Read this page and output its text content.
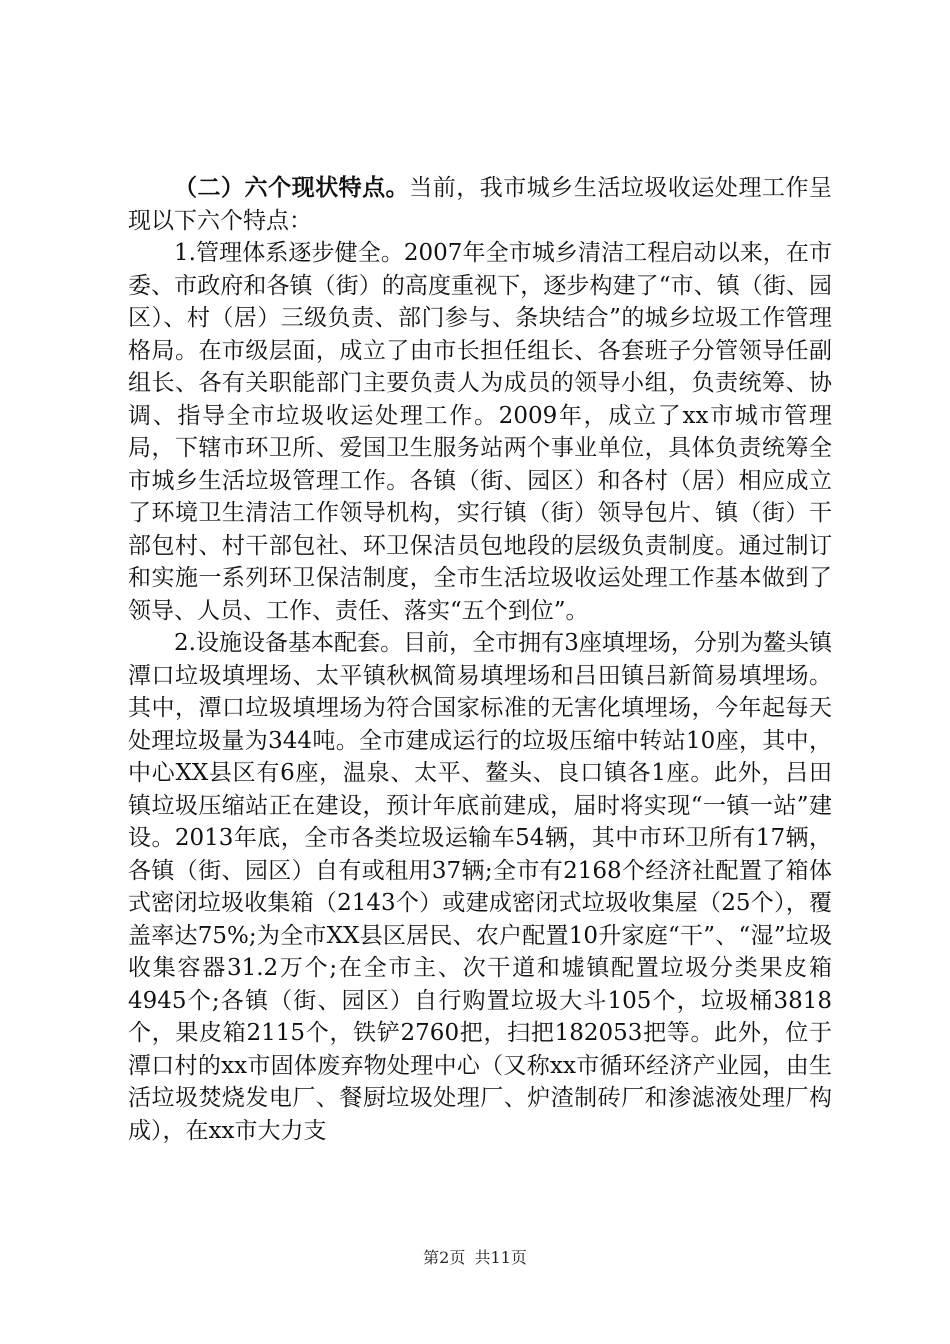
（二）六个现状特点。当前，我市城乡生活垃圾收运处理工作呈现以下六个特点：

1.管理体系逐步健全。2007年全市城乡清洁工程启动以来，在市委、市政府和各镇（街）的高度重视下，逐步构建了“市、镇（街、园区）、村（居）三级负责、部门参与、条块结合”的城乡垃圾工作管理格局。在市级层面，成立了由市长担任组长、各套班子分管领导任副组长、各有关职能部门主要负责人为成员的领导小组，负责统筹、协调、指导全市垃圾收运处理工作。2009年，成立了xx市城市管理局，下辖市环卫所、爱国卫生服务站两个事业单位，具体负责统筹全市城乡生活垃圾管理工作。各镇（街、园区）和各村（居）相应成立了环境卫生清洁工作领导机构，实行镇（街）领导包片、镇（街）干部包村、村干部包社、环卫保洁员包地段的层级负责制度。通过制订和实施一系列环卫保洁制度，全市生活垃圾收运处理工作基本做到了领导、人员、工作、责任、落实“五个到位”。

2.设施设备基本配套。目前，全市拥有3座填埋场，分别为鳌头镇潭口垃圾填埋场、太平镇秋枫简易填埋场和吕田镇吕新简易填埋场。其中，潭口垃圾填埋场为符合国家标准的无害化填埋场，今年起每天处理垃圾量为344吨。全市建成运行的垃圾压缩中转站10座，其中，中心XX县区有6座，温泉、太平、鳌头、良口镇各1座。此外，吕田镇垃圾压缩站正在建设，预计年底前建成，届时将实现“一镇一站”建设。2013年底，全市各类垃圾运输车54辆，其中市环卫所有17辆，各镇（街、园区）自有或租用37辆;全市有2168个经济社配置了箱体式密闭垃圾收集箱（2143个）或建成密闭式垃圾收集屋（25个），覆盖率达75%;为全市XX县区居民、农户配置10升家庭“干”、“湿”垃圾收集容器31.2万个;在全市主、次干道和墟镇配置垃圾分类果皮箱4945个;各镇（街、园区）自行购置垃圾大斗105个，垃圾桶3818个，果皮箱2115个，铁铲2760把，扫把182053把等。此外，位于潭口村的xx市固体废弃物处理中心（又称xx市循环经济产业园，由生活垃圾焚烧发电厂、餐厨垃圾处理厂、炉渣制砖厂和渗滤液处理厂构成），在xx市大力支

第2页 共11页
